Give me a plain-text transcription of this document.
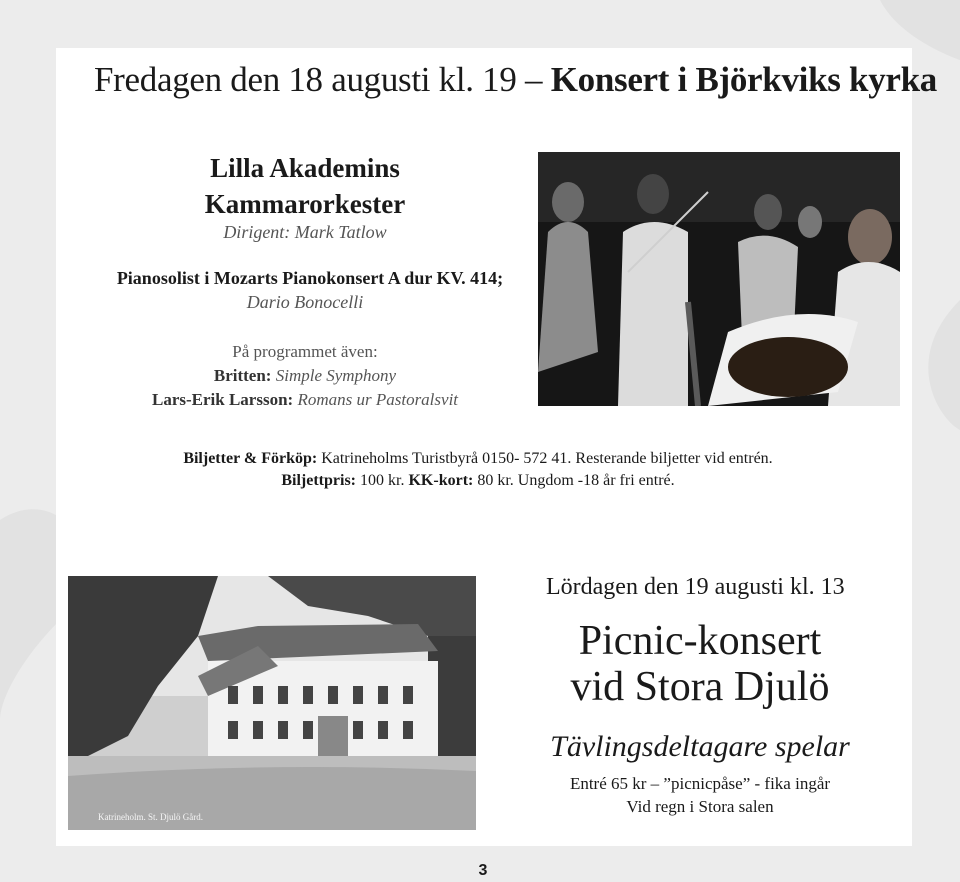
Fredagen den 18 augusti kl. 19 – Konsert i Björkviks kyrka
Lilla Akademins
Kammarorkester
Dirigent: Mark Tatlow
Pianosolist i Mozarts Pianokonsert A dur KV. 414;
Dario Bonocelli
På programmet även:
Britten: Simple Symphony
Lars-Erik Larsson: Romans ur Pastoralsvit
Biljetter & Förköp: Katrineholms Turistbyrå 0150- 572 41. Resterande biljetter vid entrén.
Biljettpris: 100 kr. KK-kort: 80 kr. Ungdom -18 år fri entré.
Katrineholm. St. Djulö Gård.
Lördagen den 19 augusti kl. 13
Picnic-konsert
vid Stora Djulö
Tävlingsdeltagare spelar
Entré 65 kr – ”picnicpåse” - fika ingår
Vid regn i Stora salen
3
